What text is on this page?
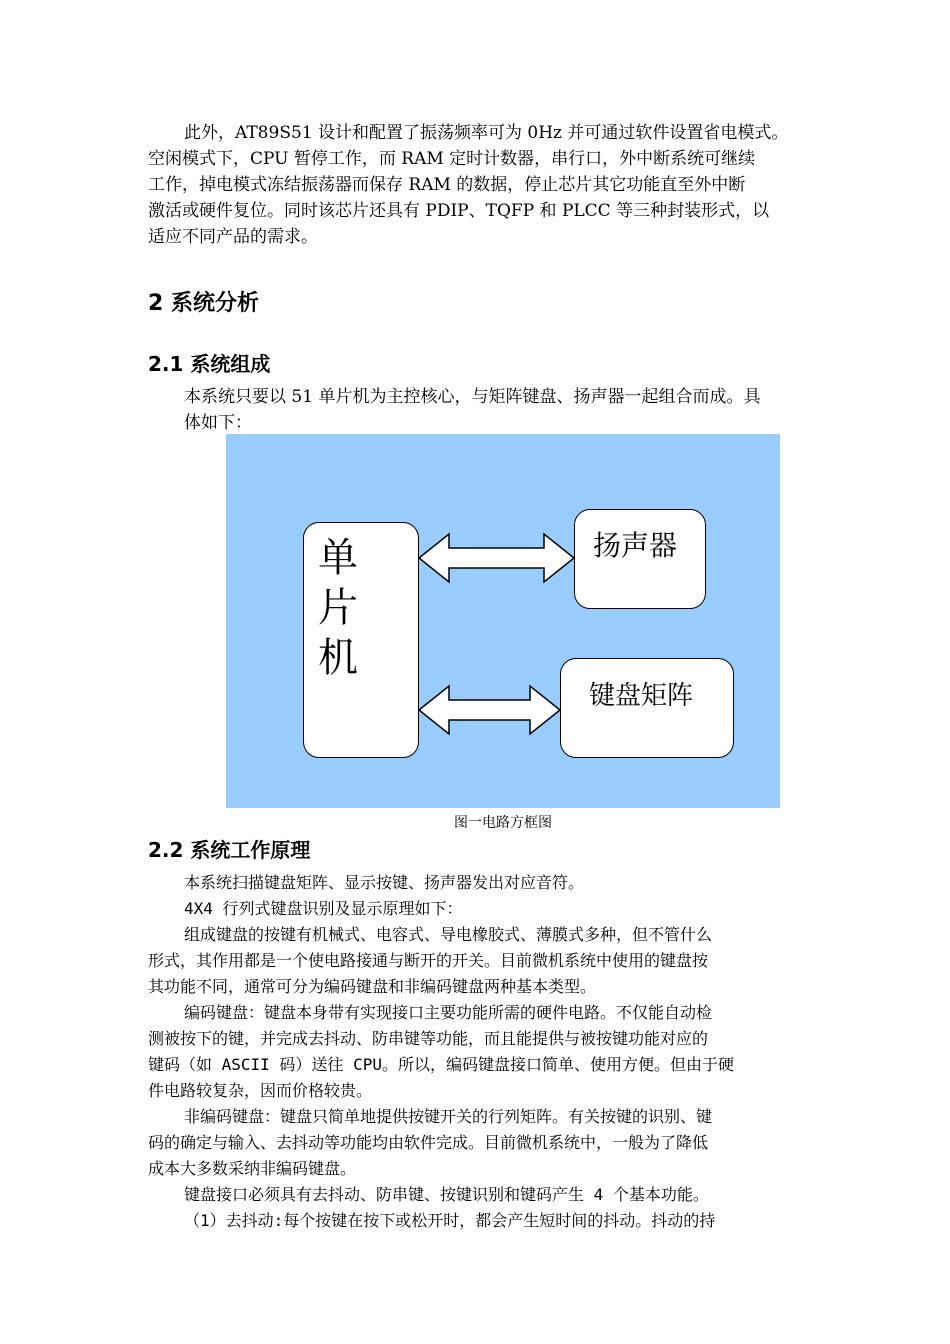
此外，AT89S51 设计和配置了振荡频率可为 0Hz 并可通过软件设置省电模式。
空闲模式下，CPU 暂停工作，而 RAM 定时计数器，串行口，外中断系统可继续
工作，掉电模式冻结振荡器而保存 RAM 的数据，停止芯片其它功能直至外中断
激活或硬件复位。同时该芯片还具有 PDIP、TQFP 和 PLCC 等三种封装形式，以
适应不同产品的需求。
2 系统分析
2.1 系统组成
本系统只要以 51 单片机为主控核心，与矩阵键盘、扬声器一起组合而成。具
体如下：
单片机
扬声器
键盘矩阵
图一电路方框图
2.2 系统工作原理
本系统扫描键盘矩阵、显示按键、扬声器发出对应音符。
4X4 行列式键盘识别及显示原理如下：
组成键盘的按键有机械式、电容式、导电橡胶式、薄膜式多种，但不管什么
形式，其作用都是一个使电路接通与断开的开关。目前微机系统中使用的键盘按
其功能不同，通常可分为编码键盘和非编码键盘两种基本类型。
编码键盘：键盘本身带有实现接口主要功能所需的硬件电路。不仅能自动检
测被按下的键，并完成去抖动、防串键等功能，而且能提供与被按键功能对应的
键码（如 ASCII 码）送往 CPU。所以，编码键盘接口简单、使用方便。但由于硬
件电路较复杂，因而价格较贵。
非编码键盘：键盘只简单地提供按键开关的行列矩阵。有关按键的识别、键
码的确定与输入、去抖动等功能均由软件完成。目前微机系统中，一般为了降低
成本大多数采纳非编码键盘。
键盘接口必须具有去抖动、防串键、按键识别和键码产生 4 个基本功能。
（1）去抖动:每个按键在按下或松开时，都会产生短时间的抖动。抖动的持
